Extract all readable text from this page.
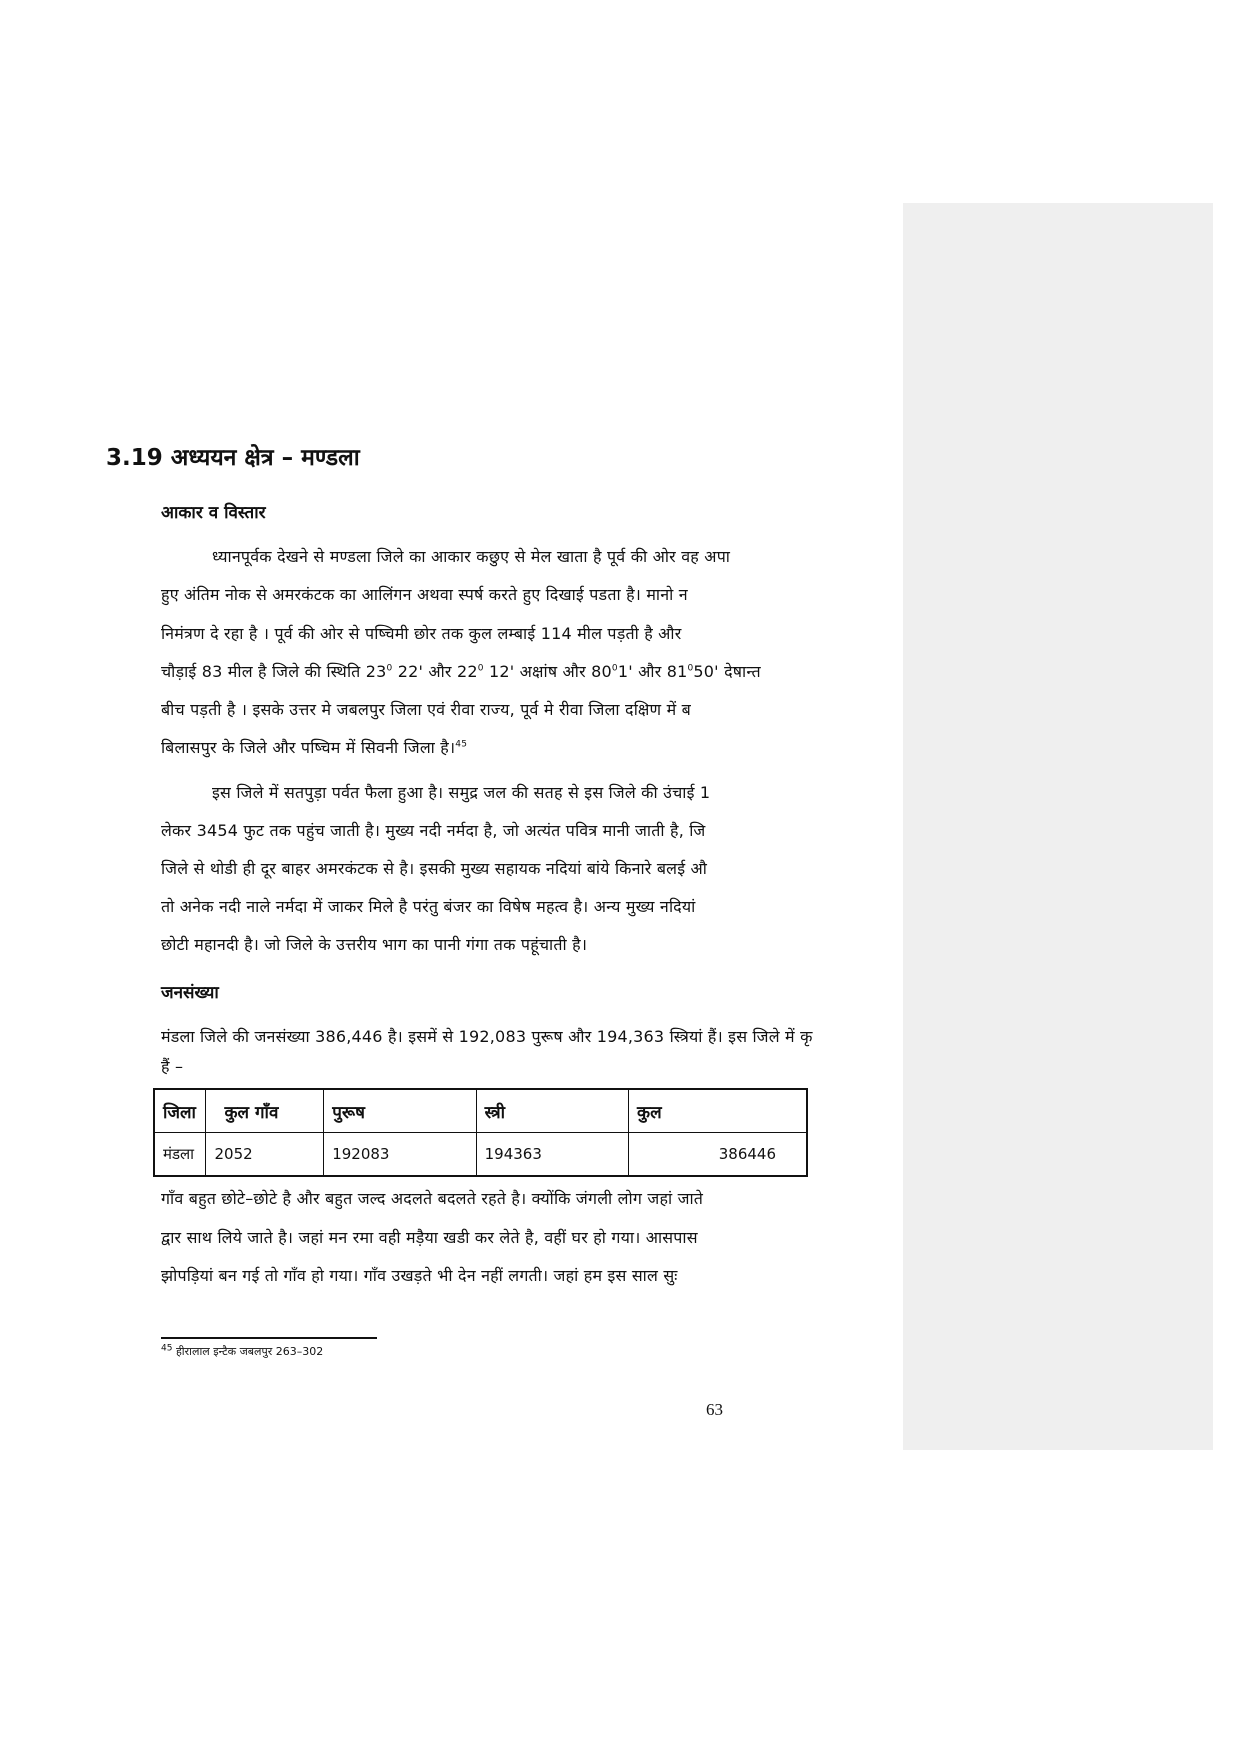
3.19 अध्ययन क्षेत्र – मण्डला
आकार व विस्तार
ध्यानपूर्वक देखने से मण्डला जिले का आकार कछुए से मेल खाता है पूर्व की ओर वह अपा
हुए अंतिम नोक से अमरकंटक का आलिंगन अथवा स्पर्ष करते हुए दिखाई पडता है। मानो न
निमंत्रण दे रहा है । पूर्व की ओर से पष्चिमी छोर तक कुल लम्बाई 114 मील पड़ती है और
चौड़ाई 83 मील है जिले की स्थिति $23^0$ 22' और $22^0$ 12' अक्षांष और $80^01'$ और $81^050'$ देषान्त
बीच पड़ती है । इसके उत्तर मे जबलपुर जिला एवं रीवा राज्य, पूर्व मे रीवा जिला दक्षिण में ब
बिलासपुर के जिले और पष्चिम में सिवनी जिला है।$^{45}$
इस जिले में सतपुड़ा पर्वत फैला हुआ है। समुद्र जल की सतह से इस जिले की उंचाई 1
लेकर 3454 फुट तक पहुंच जाती है। मुख्य नदी नर्मदा है, जो अत्यंत पवित्र मानी जाती है, जि
जिले से थोडी ही दूर बाहर अमरकंटक से है। इसकी मुख्य सहायक नदियां बांये किनारे बलई औ
तो अनेक नदी नाले नर्मदा में जाकर मिले है परंतु बंजर का विषेष महत्व है। अन्य मुख्य नदियां
छोटी महानदी है। जो जिले के उत्तरीय भाग का पानी गंगा तक पहूंचाती है।
जनसंख्या
मंडला जिले की जनसंख्या 386,446 है। इसमें से 192,083 पुरूष और 194,363 स्त्रियां हैं। इस जिले में कृ
हैं –
जिला	कुल गॉंव	पुरूष	स्त्री	कुल
मंडला	2052	192083	194363	386446
गॉंव बहुत छोटे–छोटे है और बहुत जल्द अदलते बदलते रहते है। क्योंकि जंगली लोग जहां जाते
द्वार साथ लिये जाते है। जहां मन रमा वही मड़ैया खडी कर लेते है, वहीं घर हो गया। आसपास
झोपड़ियां बन गई तो गॉंव हो गया। गॉंव उखड़ते भी देन नहीं लगती। जहां हम इस साल सुः
$^{45}$ हीरालाल इन्टैक जबलपुर 263–302
63
